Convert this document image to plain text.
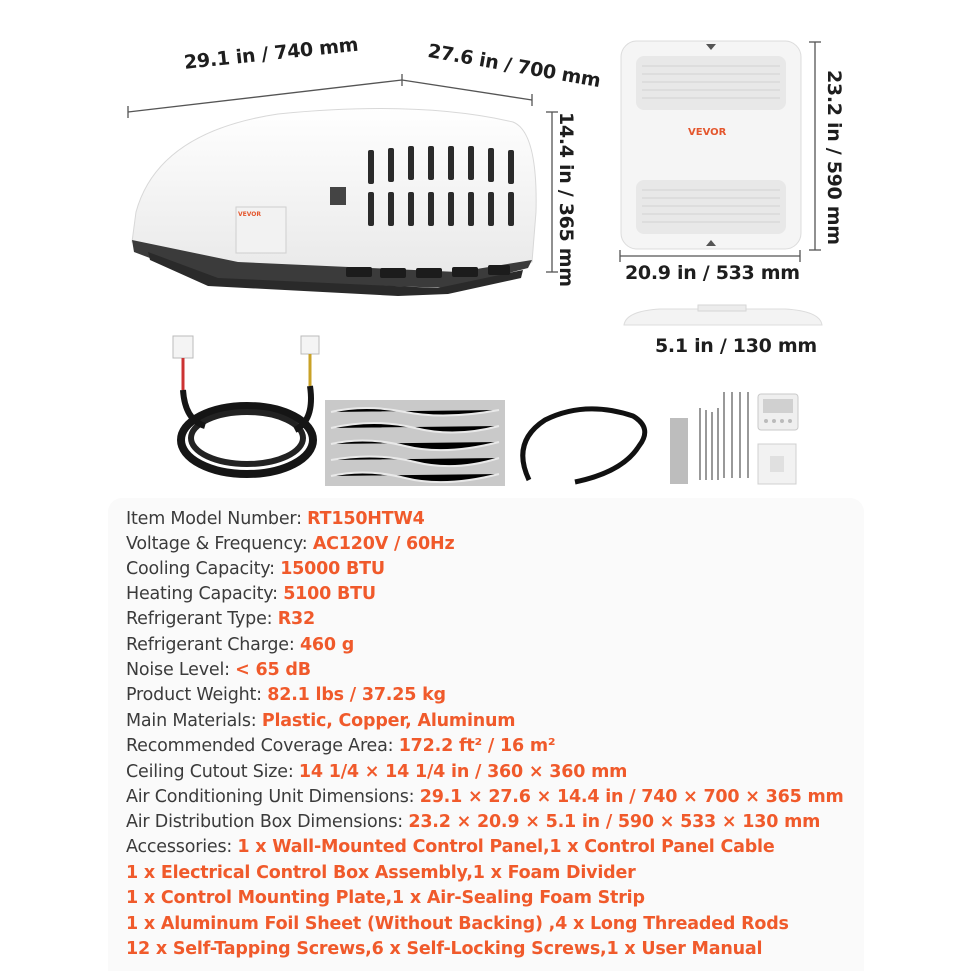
29.1 in / 740 mm	27.6 in / 700 mm
14.4 in / 365 mm	23.2 in / 590 mm
20.9 in / 533 mm
5.1 in / 130 mm
VEVOR
VEVOR
Item Model Number: RT150HTW4
Voltage & Frequency: AC120V / 60Hz
Cooling Capacity: 15000 BTU
Heating Capacity: 5100 BTU
Refrigerant Type: R32
Refrigerant Charge: 460 g
Noise Level: < 65 dB
Product Weight: 82.1 lbs / 37.25 kg
Main Materials: Plastic, Copper, Aluminum
Recommended Coverage Area: 172.2 ft² / 16 m²
Ceiling Cutout Size: 14 1/4 × 14 1/4 in / 360 × 360 mm
Air Conditioning Unit Dimensions: 29.1 × 27.6 × 14.4 in / 740 × 700 × 365 mm
Air Distribution Box Dimensions: 23.2 × 20.9 × 5.1 in / 590 × 533 × 130 mm
Accessories: 1 x Wall-Mounted Control Panel,1 x Control Panel Cable
1 x Electrical Control Box Assembly,1 x Foam Divider
1 x Control Mounting Plate,1 x Air-Sealing Foam Strip
1 x Aluminum Foil Sheet (Without Backing) ,4 x Long Threaded Rods
12 x Self-Tapping Screws,6 x Self-Locking Screws,1 x User Manual
